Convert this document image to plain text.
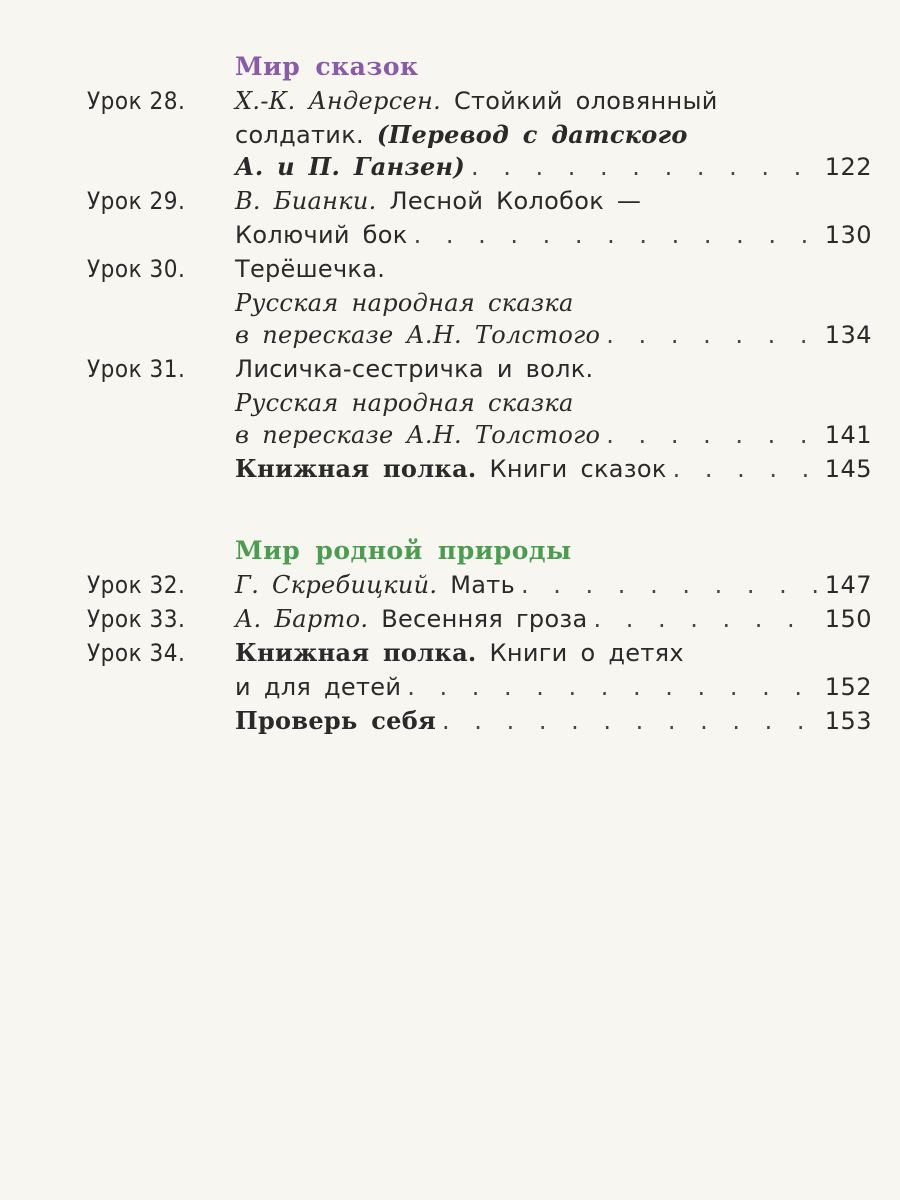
Мир сказок
Урок 28. Х.-К. Андерсен. Стойкий оловянный
солдатик. (Перевод с датского
А. и П. Ганзен) . . .	122
Урок 29. В. Бианки. Лесной Колобок —
Колючий бок . . .	130
Урок 30. Терёшечка.
Русская народная сказка
в пересказе А.Н. Толстого . . .	134
Урок 31. Лисичка-сестричка и волк.
Русская народная сказка
в пересказе А.Н. Толстого . . .	141
Книжная полка. Книги сказок . . .	145
Мир родной природы
Урок 32. Г. Скребицкий. Мать . . .	147
Урок 33. А. Барто. Весенняя гроза . . .	150
Урок 34. Книжная полка. Книги о детях
и для детей . . .	152
Проверь себя . . .	153
